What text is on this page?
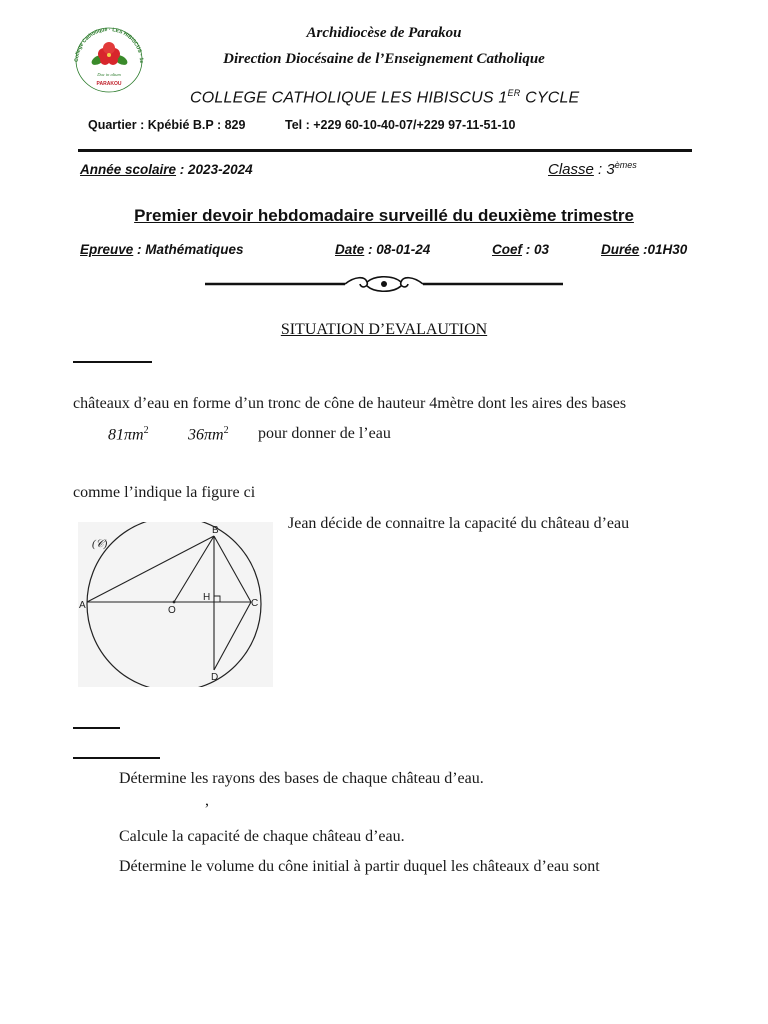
College Catholique · LES HIBISCUS · 1e
Duc in altum
PARAKOU
Archidiocèse de Parakou
Direction Diocésaine de l’Enseignement Catholique
COLLEGE CATHOLIQUE LES HIBISCUS 1ER CYCLE
Quartier : Kpébié B.P : 829	Tel : +229 60-10-40-07/+229 97-11-51-10
Année scolaire : 2023-2024	Classe : 3èmes
Premier devoir hebdomadaire surveillé du deuxième trimestre
Epreuve : Mathématiques	Date : 08-01-24	Coef : 03	Durée :01H30
SITUATION D’EVALAUTION
châteaux d’eau en forme d’un tronc de cône de hauteur 4mètre dont les aires des bases
$81\pi m^2$ $36\pi m^2$ pour donner de l’eau
comme l’indique la figure ci
(𝒞)
A
B
C
D
O
H
Jean décide de connaitre la capacité du château d’eau
Détermine les rayons des bases de chaque château d’eau.
,
Calcule la capacité de chaque château d’eau.
Détermine le volume du cône initial à partir duquel les châteaux d’eau sont
